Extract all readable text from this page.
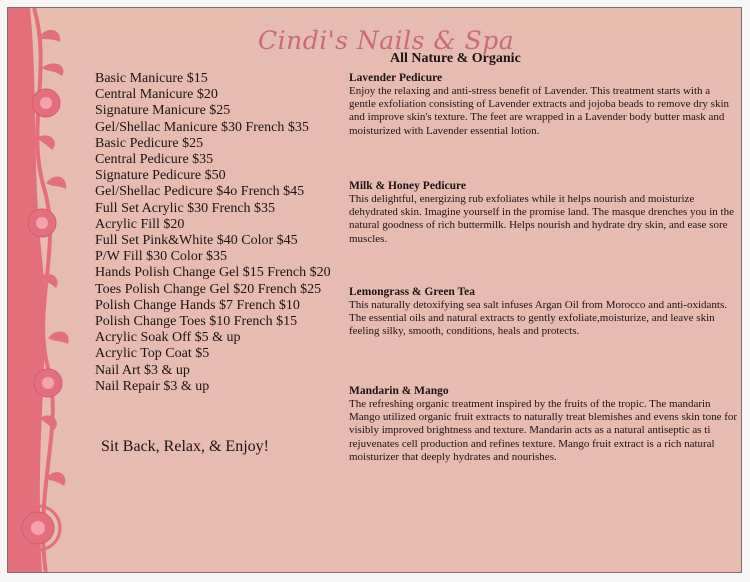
Cindi's Nails & Spa
Basic Manicure $15
Central Manicure $20
Signature Manicure $25
Gel/Shellac Manicure $30 French $35
Basic Pedicure $25
Central Pedicure $35
Signature Pedicure $50
Gel/Shellac Pedicure $4o French $45
Full Set Acrylic $30 French $35
Acrylic Fill $20
Full Set Pink&White $40 Color $45
P/W Fill $30 Color $35
Hands Polish Change Gel $15 French $20
Toes Polish Change Gel $20 French $25
Polish Change Hands $7 French $10
Polish Change Toes $10 French $15
Acrylic Soak Off $5 & up
Acrylic Top Coat $5
Nail Art $3 & up
Nail Repair $3 & up
Sit Back, Relax, & Enjoy!
All Nature & Organic
Lavender Pedicure

Enjoy the relaxing and anti-stress benefit of Lavender. This treatment starts with a gentle exfoliation consisting of Lavender extracts and jojoba beads to remove dry skin and improve skin's texture. The feet are wrapped in a Lavender body butter mask and moisturized with Lavender essential lotion.

Milk & Honey Pedicure

This delightful, energizing rub exfoliates while it helps nourish and moisturize dehydrated skin. Imagine yourself in the promise land. The masque drenches you in the natural goodness of rich buttermilk. Helps nourish and hydrate dry skin, and ease sore muscles.

Lemongrass & Green Tea

This naturally detoxifying sea salt infuses Argan Oil from Morocco and anti-oxidants. The essential oils and natural extracts to gently exfoliate,moisturize, and leave skin feeling silky, smooth, conditions, heals and protects.

Mandarin & Mango

The refreshing organic treatment inspired by the fruits of the tropic. The mandarin Mango utilized organic fruit extracts to naturally treat blemishes and evens skin tone for visibly improved brightness and texture. Mandarin acts as a natural antiseptic as ti rejuvenates cell production and refines texture. Mango fruit extract is a rich natural moisturizer that deeply hydrates and nourishes.
